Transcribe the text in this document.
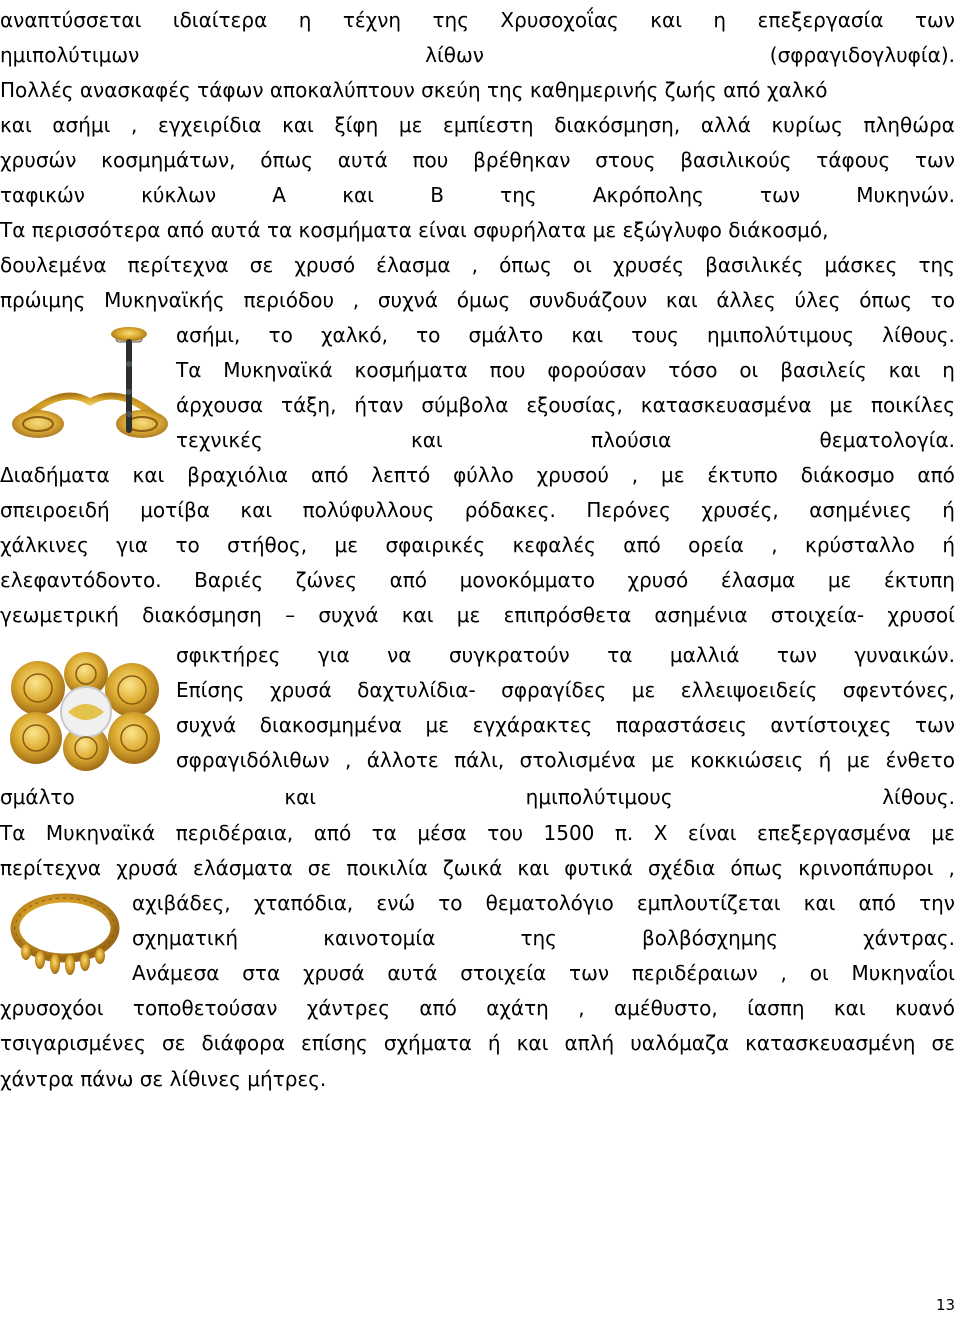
αναπτύσσεται ιδιαίτερα η τέχνη της Χρυσοχοΐας και η επεξεργασία των
ημιπολύτιμων	λίθων	(σφραγιδογλυφία).
Πολλές ανασκαφές τάφων αποκαλύπτουν σκεύη της καθημερινής ζωής από χαλκό
και ασήμι , εγχειρίδια και ξίφη με εμπίεστη διακόσμηση, αλλά κυρίως πληθώρα
χρυσών κοσμημάτων, όπως αυτά που βρέθηκαν στους βασιλικούς τάφους των
ταφικών	κύκλων	Α	και	Β	της	Ακρόπολης	των	Μυκηνών.
Τα περισσότερα από αυτά τα κοσμήματα είναι σφυρήλατα με εξώγλυφο διάκοσμό,
δουλεμένα περίτεχνα σε χρυσό έλασμα , όπως οι χρυσές βασιλικές μάσκες της
πρώιμης Μυκηναϊκής περιόδου , συχνά όμως συνδυάζουν και άλλες ύλες όπως το
ασήμι, το χαλκό, το σμάλτο και τους ημιπολύτιμους λίθους.
Τα Μυκηναϊκά κοσμήματα που φορούσαν τόσο οι βασιλείς και η
άρχουσα τάξη, ήταν σύμβολα εξουσίας, κατασκευασμένα με ποικίλες
τεχνικές	και	πλούσια	θεματολογία.
Διαδήματα και βραχιόλια από λεπτό φύλλο χρυσού , με έκτυπο διάκοσμο από
σπειροειδή μοτίβα και πολύφυλλους ρόδακες. Περόνες χρυσές, ασημένιες ή
χάλκινες για το στήθος, με σφαιρικές κεφαλές από ορεία , κρύσταλλο ή
ελεφαντόδοντο. Βαριές ζώνες από μονοκόμματο χρυσό έλασμα με έκτυπη
γεωμετρική διακόσμηση – συχνά και με επιπρόσθετα ασημένια στοιχεία- χρυσοί
σφικτήρες για να συγκρατούν τα μαλλιά των γυναικών.
Επίσης χρυσά δαχτυλίδια- σφραγίδες με ελλειψοειδείς σφεντόνες,
συχνά διακοσμημένα με εγχάρακτες παραστάσεις αντίστοιχες των
σφραγιδόλιθων , άλλοτε πάλι, στολισμένα με κοκκιώσεις ή με ένθετο
σμάλτο	και	ημιπολύτιμους	λίθους.
Τα Μυκηναϊκά περιδέραια, από τα μέσα του 1500 π. Χ είναι επεξεργασμένα με
περίτεχνα χρυσά ελάσματα σε ποικιλία ζωικά και φυτικά σχέδια όπως κρινοπάπυροι ,
αχιβάδες, χταπόδια, ενώ το θεματολόγιο εμπλουτίζεται και από την
σχηματική	καινοτομία	της	βολβόσχημης	χάντρας.
Ανάμεσα στα χρυσά αυτά στοιχεία των περιδέραιων , οι Μυκηναΐοι
χρυσοχόοι τοποθετούσαν χάντρες από αχάτη , αμέθυστο, ίασπη και κυανό
τσιγαρισμένες σε διάφορα επίσης σχήματα ή και απλή υαλόμαζα κατασκευασμένη σε
χάντρα πάνω σε λίθινες μήτρες.
13
